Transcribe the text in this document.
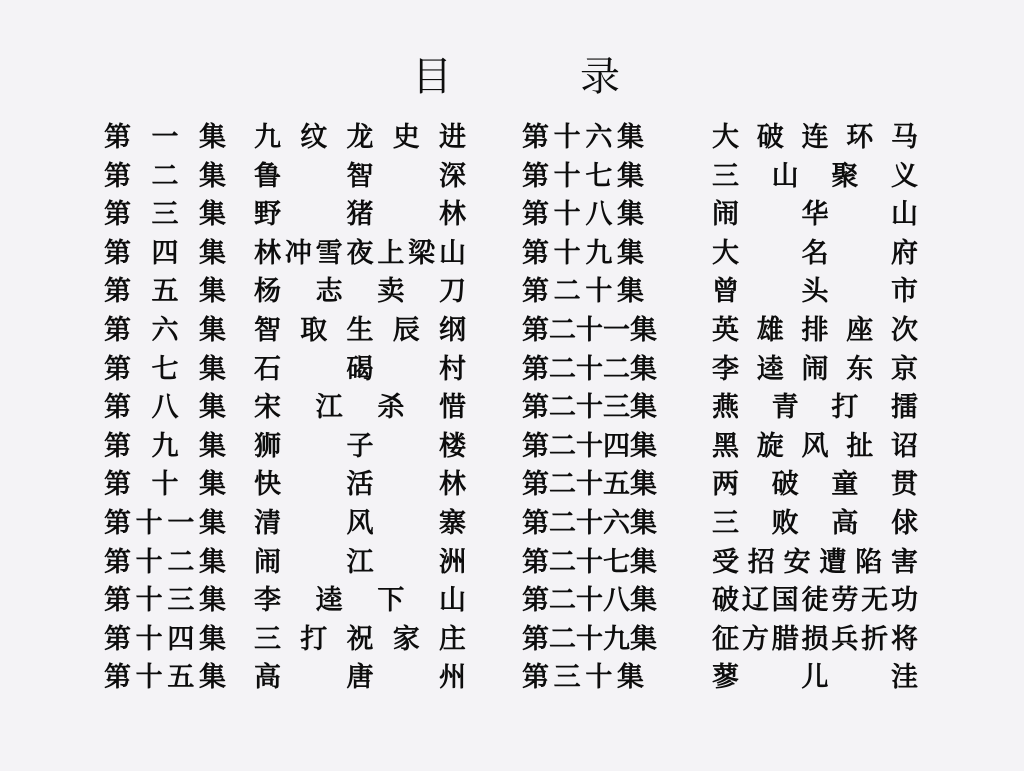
目	录
第 一 集 九 纹 龙 史 进
第 二 集 鲁 智 深
第 三 集 野 猪 林
第 四 集 林 冲 雪 夜 上 梁 山
第 五 集 杨 志 卖 刀
第 六 集 智 取 生 辰 纲
第 七 集 石 碣 村
第 八 集 宋 江 杀 惜
第 九 集 狮 子 楼
第 十 集 快 活 林
第 十 一 集 清 风 寨
第 十 二 集 闹 江 洲
第 十 三 集 李 逵 下 山
第 十 四 集 三 打 祝 家 庄
第 十 五 集 高 唐 州
第 十 六 集	大 破 连 环 马
第 十 七 集	三 山 聚 义
第 十 八 集	闹 华 山
第 十 九 集	大 名 府
第 二 十 集	曾 头 市
第 二 十 一 集 英 雄 排 座 次
第 二 十 二 集 李 逵 闹 东 京
第 二 十 三 集 燕 青 打 擂
第 二 十 四 集 黑 旋 风 扯 诏
第 二 十 五 集 两 破 童 贯
第 二 十 六 集 三 败 高 俅
第 二 十 七 集 受 招 安 遭 陷 害
第 二 十 八 集 破 辽 国 徒 劳 无 功
第 二 十 九 集 征 方 腊 损 兵 折 将
第 三 十 集	蓼 儿 洼
